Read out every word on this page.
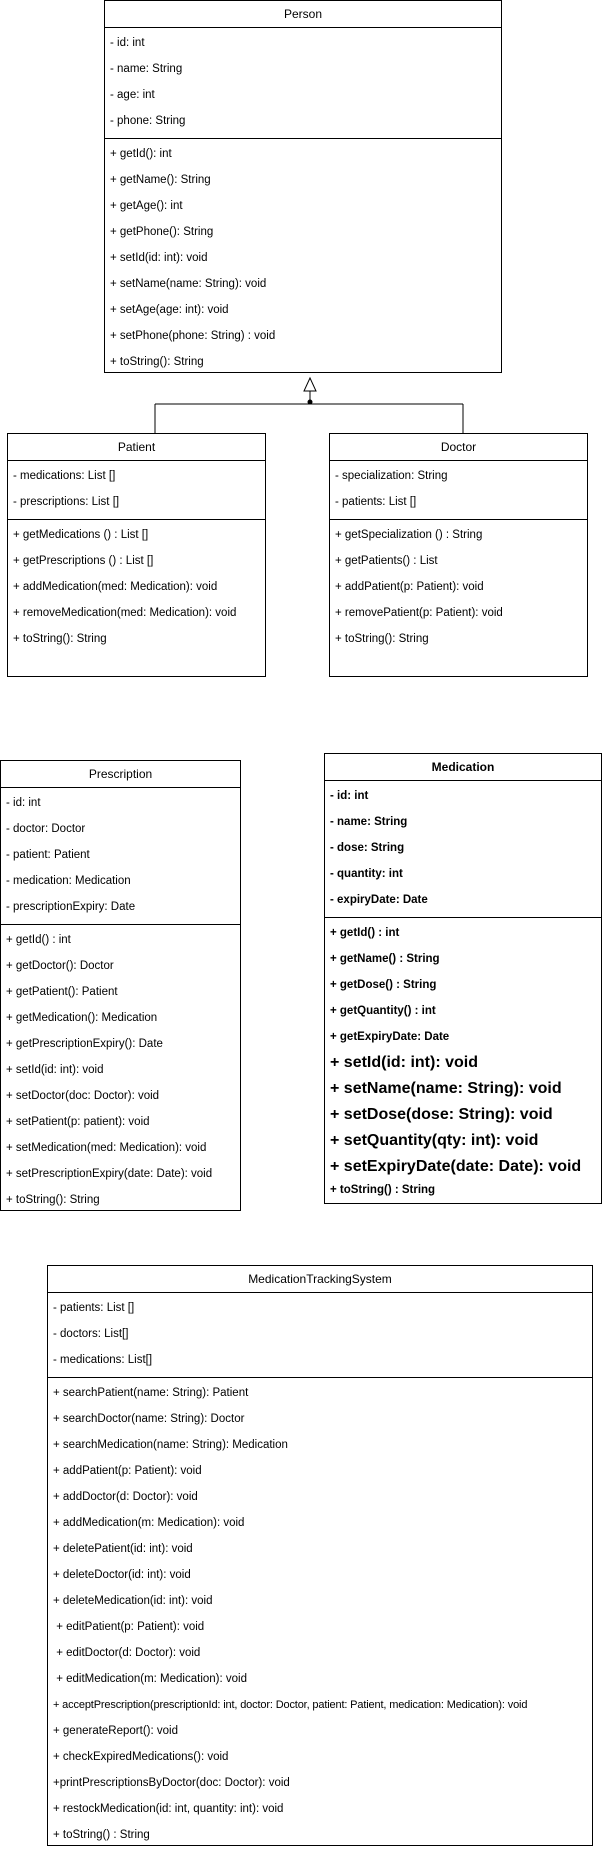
Person
- id: int
- name: String
- age: int
- phone: String
+ getId(): int
+ getName(): String
+ getAge(): int
+ getPhone(): String
+ setId(id: int): void
+ setName(name: String): void
+ setAge(age: int): void
+ setPhone(phone: String) : void
+ toString(): String
Patient
- medications: List []
- prescriptions: List []
+ getMedications () : List []
+ getPrescriptions () : List []
+ addMedication(med: Medication): void
+ removeMedication(med: Medication): void
+ toString(): String
Doctor
- specialization: String
- patients: List []
+ getSpecialization () : String
+ getPatients() : List
+ addPatient(p: Patient): void
+ removePatient(p: Patient): void
+ toString(): String
Prescription
- id: int
- doctor: Doctor
- patient: Patient
- medication: Medication
- prescriptionExpiry: Date
+ getId() : int
+ getDoctor(): Doctor
+ getPatient(): Patient
+ getMedication(): Medication
+ getPrescriptionExpiry(): Date
+ setId(id: int): void
+ setDoctor(doc: Doctor): void
+ setPatient(p: patient): void
+ setMedication(med: Medication): void
+ setPrescriptionExpiry(date: Date): void
+ toString(): String
Medication
- id: int
- name: String
- dose: String
- quantity: int
- expiryDate: Date
+ getId() : int
+ getName() : String
+ getDose() : String
+ getQuantity() : int
+ getExpiryDate: Date
+ setId(id: int): void
+ setName(name: String): void
+ setDose(dose: String): void
+ setQuantity(qty: int): void
+ setExpiryDate(date: Date): void
+ toString() : String
MedicationTrackingSystem
- patients: List []
- doctors: List[]
- medications: List[]
+ searchPatient(name: String): Patient
+ searchDoctor(name: String): Doctor
+ searchMedication(name: String): Medication
+ addPatient(p: Patient): void
+ addDoctor(d: Doctor): void
+ addMedication(m: Medication): void
+ deletePatient(id: int): void
+ deleteDoctor(id: int): void
+ deleteMedication(id: int): void
+ editPatient(p: Patient): void
+ editDoctor(d: Doctor): void
+ editMedication(m: Medication): void
+ acceptPrescription(prescriptionId: int, doctor: Doctor, patient: Patient, medication: Medication): void
+ generateReport(): void
+ checkExpiredMedications(): void
+printPrescriptionsByDoctor(doc: Doctor): void
+ restockMedication(id: int, quantity: int): void
+ toString() : String
